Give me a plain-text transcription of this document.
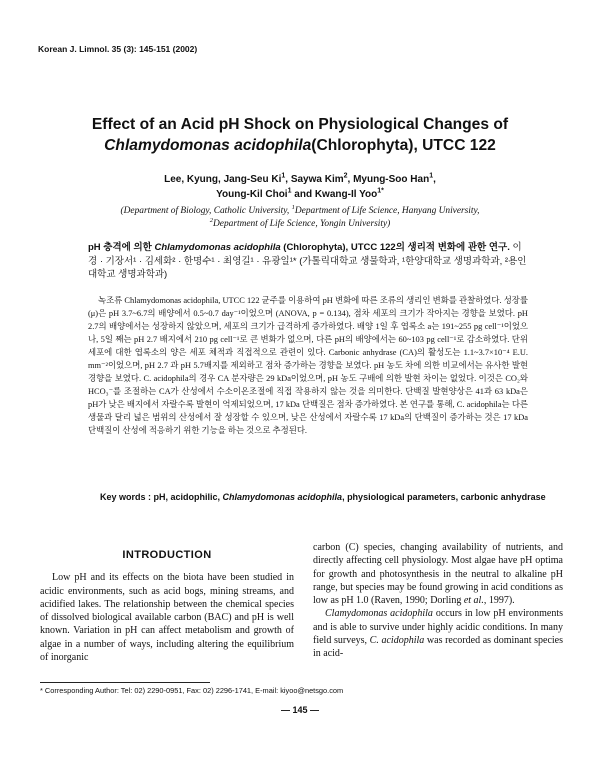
Korean J. Limnol. 35 (3): 145-151 (2002)
Effect of an Acid pH Shock on Physiological Changes of
Chlamydomonas acidophila(Chlorophyta), UTCC 122
Lee, Kyung, Jang-Seu Ki$^1$, Saywa Kim$^2$, Myung-Soo Han$^1$,
Young-Kil Choi$^1$ and Kwang-Il Yoo$^{1*}$
(Department of Biology, Catholic University, $^1$Department of Life Science, Hanyang University,
$^2$Department of Life Science, Yongin University)
pH 충격에 의한 Chlamydomonas acidophila (Chlorophyta), UTCC 122의 생리적 변화에 관한 연구. 이 경 · 기장서¹ · 김세화² · 한명수¹ · 최영길¹ · 유광일¹* (가톨릭대학교 생물학과, ¹한양대학교 생명과학과, ²용인대학교 생명과학과)

녹조류 Chlamydomonas acidophila, UTCC 122 균주를 이용하여 pH 변화에 따른 조류의 생리인 변화를 관찰하였다. 성장률(μ)은 pH 3.7~6.7의 배양에서 0.5~0.7 day⁻¹이었으며 (ANOVA, p = 0.134), 점차 세포의 크기가 작아지는 경향을 보였다. pH 2.7의 배양에서는 성장하지 않았으며, 세포의 크기가 급격하게 증가하였다. 배양 1일 후 엽록소 a는 191~255 pg cell⁻¹이었으나, 5일 째는 pH 2.7 배지에서 210 pg cell⁻¹로 큰 변화가 없으며, 다른 pH의 배양에서는 60~103 pg cell⁻¹로 감소하였다. 단위세포에 대한 엽록소의 양은 세포 체적과 직접적으로 관련이 있다. Carbonic anhydrase (CA)의 활성도는 1.1~3.7×10⁻⁴ E.U. mm⁻²이었으며, pH 2.7 과 pH 5.7배지를 제외하고 점차 증가하는 경향을 보였다. pH 농도 차에 의한 비교에서는 유사한 발현 경향을 보였다. C. acidophila의 경우 CA 분자량은 29 kDa이었으며, pH 농도 구배에 의한 발현 차이는 없었다. 이것은 CO₂와 HCO₃⁻를 조절하는 CA가 산성에서 수소이온조절에 직접 작용하지 않는 것을 의미한다. 단백질 발현양상은 41과 63 kDa은 pH가 낮은 배지에서 자랄수록 발현이 억제되었으며, 17 kDa 단백질은 점차 증가하였다. 본 연구를 통해, C. acidophila는 다른 생물과 달리 넓은 범위의 산성에서 잘 성장할 수 있으며, 낮은 산성에서 자랄수록 17 kDa의 단백질이 증가하는 것은 17 kDa 단백질이 산성에 적응하기 위한 기능을 하는 것으로 추정된다.

Key words : pH, acidophilic, Chlamydomonas acidophila, physiological parameters, carbonic anhydrase
INTRODUCTION

Low pH and its effects on the biota have been studied in acidic environments, such as acid bogs, mining streams, and acidified lakes. The relationship between the chemical species of dissolved biological available carbon (BAC) and pH is well known. Variation in pH can affect metabolism and growth of algae in a number of ways, including altering the equilibrium of inorganic

carbon (C) species, changing availability of nutrients, and directly affecting cell physiology. Most algae have pH optima for growth and photosynthesis in the neutral to alkaline pH range, but species may be found growing in acid conditions as low as pH 1.0 (Raven, 1990; Dorling et al., 1997).

Clamydomonas acidophila occurs in low pH environments and is able to survive under highly acidic conditions. In many field surveys, C. acidophila was recorded as dominant species in acid-

* Corresponding Author: Tel: 02) 2290-0951, Fax: 02) 2296-1741, E-mail: kiyoo@netsgo.com
— 145 —
